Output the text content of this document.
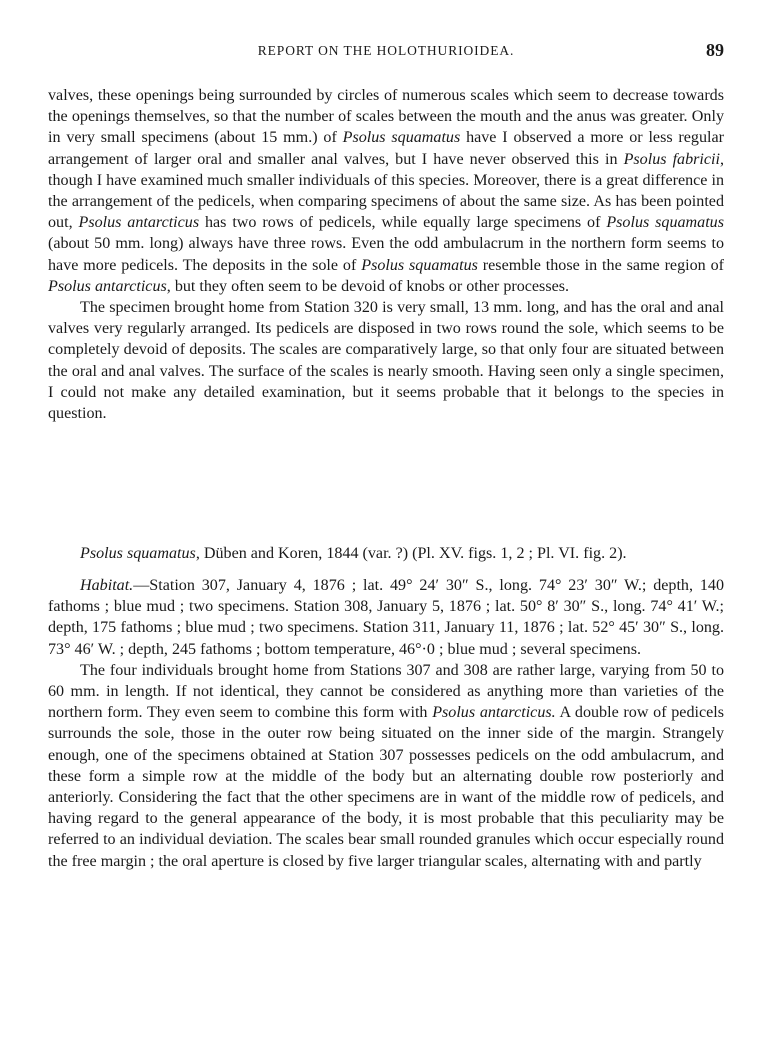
REPORT ON THE HOLOTHURIOIDEA.	89

valves, these openings being surrounded by circles of numerous scales which seem to decrease towards the openings themselves, so that the number of scales between the mouth and the anus was greater. Only in very small specimens (about 15 mm.) of Psolus squamatus have I observed a more or less regular arrangement of larger oral and smaller anal valves, but I have never observed this in Psolus fabricii, though I have examined much smaller individuals of this species. Moreover, there is a great difference in the arrangement of the pedicels, when comparing specimens of about the same size. As has been pointed out, Psolus antarcticus has two rows of pedicels, while equally large specimens of Psolus squamatus (about 50 mm. long) always have three rows. Even the odd ambulacrum in the northern form seems to have more pedicels. The deposits in the sole of Psolus squamatus resemble those in the same region of Psolus antarcticus, but they often seem to be devoid of knobs or other processes.

The specimen brought home from Station 320 is very small, 13 mm. long, and has the oral and anal valves very regularly arranged. Its pedicels are disposed in two rows round the sole, which seems to be completely devoid of deposits. The scales are comparatively large, so that only four are situated between the oral and anal valves. The surface of the scales is nearly smooth. Having seen only a single specimen, I could not make any detailed examination, but it seems probable that it belongs to the species in question.

Psolus squamatus, Düben and Koren, 1844 (var. ?) (Pl. XV. figs. 1, 2 ; Pl. VI. fig. 2).

Habitat.—Station 307, January 4, 1876 ; lat. 49° 24′ 30″ S., long. 74° 23′ 30″ W.; depth, 140 fathoms ; blue mud ; two specimens. Station 308, January 5, 1876 ; lat. 50° 8′ 30″ S., long. 74° 41′ W.; depth, 175 fathoms ; blue mud ; two specimens. Station 311, January 11, 1876 ; lat. 52° 45′ 30″ S., long. 73° 46′ W. ; depth, 245 fathoms ; bottom temperature, 46°·0 ; blue mud ; several specimens.

The four individuals brought home from Stations 307 and 308 are rather large, varying from 50 to 60 mm. in length. If not identical, they cannot be considered as anything more than varieties of the northern form. They even seem to combine this form with Psolus antarcticus. A double row of pedicels surrounds the sole, those in the outer row being situated on the inner side of the margin. Strangely enough, one of the specimens obtained at Station 307 possesses pedicels on the odd ambulacrum, and these form a simple row at the middle of the body but an alternating double row posteriorly and anteriorly. Considering the fact that the other specimens are in want of the middle row of pedicels, and having regard to the general appearance of the body, it is most probable that this peculiarity may be referred to an individual deviation. The scales bear small rounded granules which occur especially round the free margin ; the oral aperture is closed by five larger triangular scales, alternating with and partly
